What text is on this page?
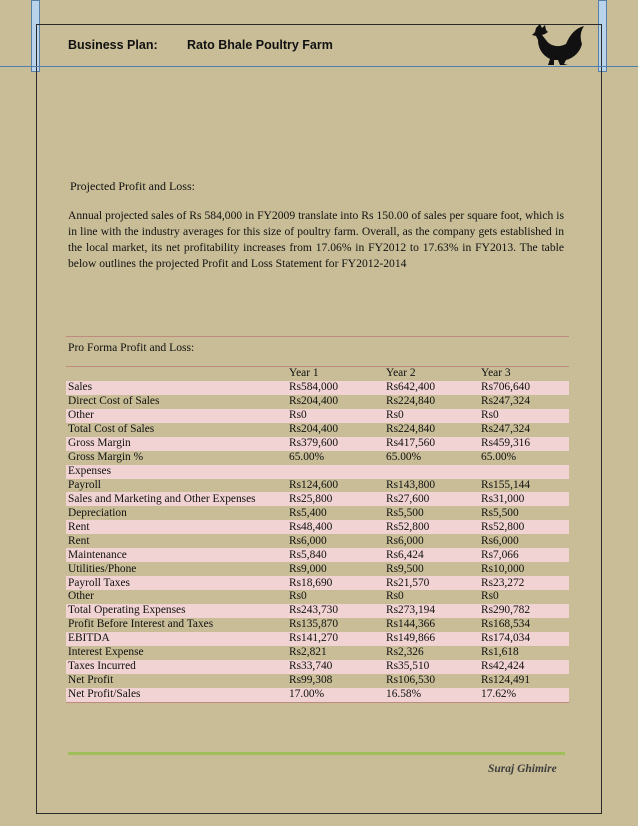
Business Plan: Rato Bhale Poultry Farm
Projected Profit and Loss:
Annual projected sales of Rs 584,000 in FY2009 translate into Rs 150.00 of sales per square foot, which is in line with the industry averages for this size of poultry farm. Overall, as the company gets established in the local market, its net profitability increases from 17.06% in FY2012 to 17.63% in FY2013. The table below outlines the projected Profit and Loss Statement for FY2012-2014
Pro Forma Profit and Loss:
	Year 1	Year 2	Year 3
Sales	Rs584,000	Rs642,400	Rs706,640
Direct Cost of Sales	Rs204,400	Rs224,840	Rs247,324
Other	Rs0	Rs0	Rs0
Total Cost of Sales	Rs204,400	Rs224,840	Rs247,324
Gross Margin	Rs379,600	Rs417,560	Rs459,316
Gross Margin %	65.00%	65.00%	65.00%
Expenses			
Payroll	Rs124,600	Rs143,800	Rs155,144
Sales and Marketing and Other Expenses	Rs25,800	Rs27,600	Rs31,000
Depreciation	Rs5,400	Rs5,500	Rs5,500
Rent	Rs48,400	Rs52,800	Rs52,800
Rent	Rs6,000	Rs6,000	Rs6,000
Maintenance	Rs5,840	Rs6,424	Rs7,066
Utilities/Phone	Rs9,000	Rs9,500	Rs10,000
Payroll Taxes	Rs18,690	Rs21,570	Rs23,272
Other	Rs0	Rs0	Rs0
Total Operating Expenses	Rs243,730	Rs273,194	Rs290,782
Profit Before Interest and Taxes	Rs135,870	Rs144,366	Rs168,534
EBITDA	Rs141,270	Rs149,866	Rs174,034
Interest Expense	Rs2,821	Rs2,326	Rs1,618
Taxes Incurred	Rs33,740	Rs35,510	Rs42,424
Net Profit	Rs99,308	Rs106,530	Rs124,491
Net Profit/Sales	17.00%	16.58%	17.62%
Suraj Ghimire
